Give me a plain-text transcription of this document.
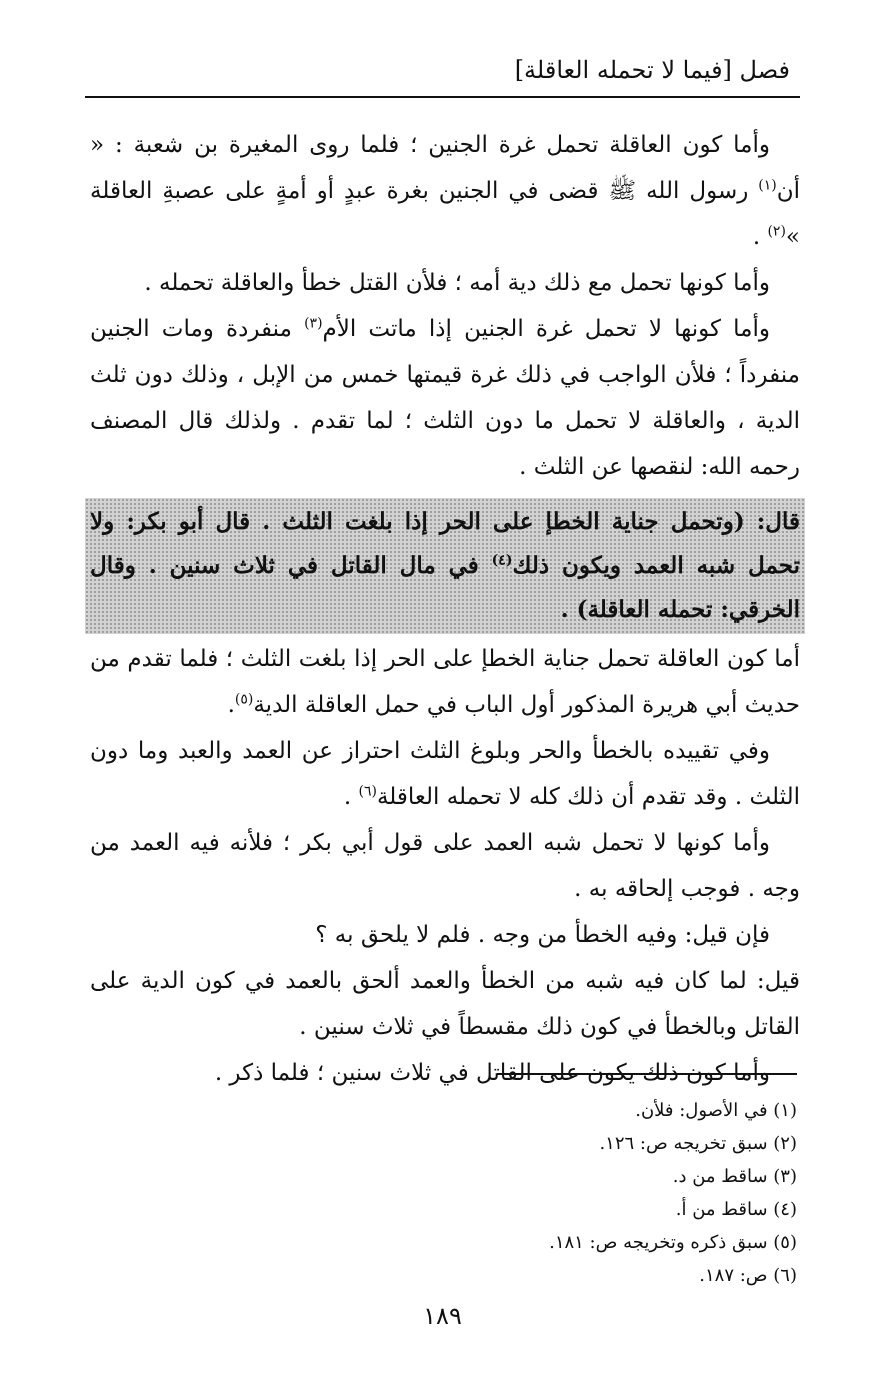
فصل [فيما لا تحمله العاقلة]

وأما كون العاقلة تحمل غرة الجنين ؛ فلما روى المغيرة بن شعبة : « أن$^{(١)}$ رسول الله ﷺ قضى في الجنين بغرة عبدٍ أو أمةٍ على عصبةِ العاقلة »$^{(٢)}$ .

وأما كونها تحمل مع ذلك دية أمه ؛ فلأن القتل خطأ والعاقلة تحمله .

وأما كونها لا تحمل غرة الجنين إذا ماتت الأم$^{(٣)}$ منفردة ومات الجنين منفرداً ؛ فلأن الواجب في ذلك غرة قيمتها خمس من الإبل ، وذلك دون ثلث الدية ، والعاقلة لا تحمل ما دون الثلث ؛ لما تقدم . ولذلك قال المصنف رحمه الله: لنقصها عن الثلث .

قال: (وتحمل جناية الخطإ على الحر إذا بلغت الثلث . قال أبو بكر: ولا تحمل شبه العمد ويكون ذلك$^{(٤)}$ في مال القاتل في ثلاث سنين . وقال الخرقي: تحمله العاقلة) .

أما كون العاقلة تحمل جناية الخطإ على الحر إذا بلغت الثلث ؛ فلما تقدم من حديث أبي هريرة المذكور أول الباب في حمل العاقلة الدية$^{(٥)}$.

وفي تقييده بالخطأ والحر وبلوغ الثلث احتراز عن العمد والعبد وما دون الثلث . وقد تقدم أن ذلك كله لا تحمله العاقلة$^{(٦)}$ .

وأما كونها لا تحمل شبه العمد على قول أبي بكر ؛ فلأنه فيه العمد من وجه . فوجب إلحاقه به .

فإن قيل: وفيه الخطأ من وجه . فلم لا يلحق به ؟

قيل: لما كان فيه شبه من الخطأ والعمد ألحق بالعمد في كون الدية على القاتل وبالخطأ في كون ذلك مقسطاً في ثلاث سنين .

وأما كون ذلك يكون على القاتل في ثلاث سنين ؛ فلما ذكر .

(١) في الأصول: فلأن.
(٢) سبق تخريجه ص: ١٢٦.
(٣) ساقط من د.
(٤) ساقط من أ.
(٥) سبق ذكره وتخريجه ص: ١٨١.
(٦) ص: ١٨٧.
١٨٩
